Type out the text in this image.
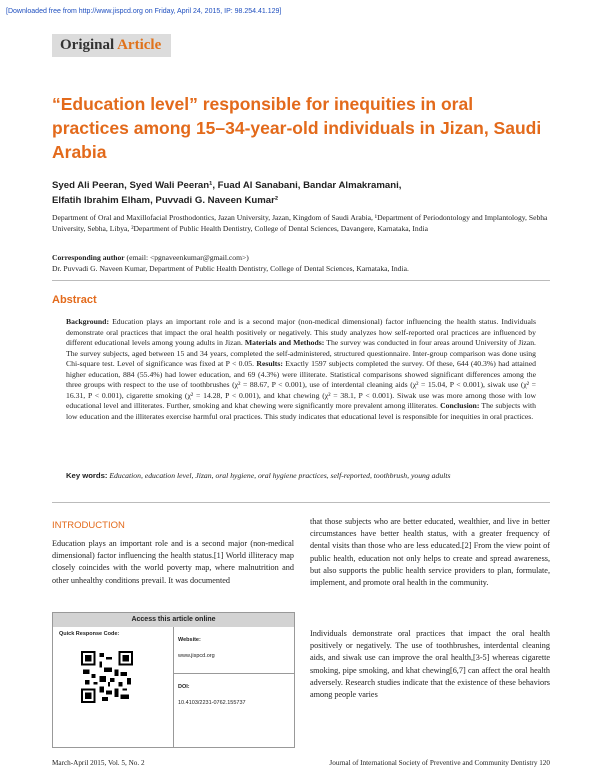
[Downloaded free from http://www.jispcd.org on Friday, April 24, 2015, IP: 98.254.41.129]
Original Article
“Education level” responsible for inequities in oral practices among 15–34-year-old individuals in Jizan, Saudi Arabia
Syed Ali Peeran, Syed Wali Peeran¹, Fuad Al Sanabani, Bandar Almakramani,
Elfatih Ibrahim Elham, Puvvadi G. Naveen Kumar²
Department of Oral and Maxillofacial Prosthodontics, Jazan University, Jazan, Kingdom of Saudi Arabia, ¹Department of Periodontology and Implantology, Sebha University, Sebha, Libya, ²Department of Public Health Dentistry, College of Dental Sciences, Davangere, Karnataka, India
Corresponding author (email: <pgnaveenkumar@gmail.com>)
Dr. Puvvadi G. Naveen Kumar, Department of Public Health Dentistry, College of Dental Sciences, Karnataka, India.
Abstract
Background: Education plays an important role and is a second major (non-medical dimensional) factor influencing the health status. Individuals demonstrate oral practices that impact the oral health positively or negatively. This study analyzes how self-reported oral practices are influenced by different educational levels among young adults in Jizan. Materials and Methods: The survey was conducted in four areas around University of Jizan. The survey subjects, aged between 15 and 34 years, completed the self-administered, structured questionnaire. Inter-group comparison was done using Chi-square test. Level of significance was fixed at P < 0.05. Results: Exactly 1597 subjects completed the survey. Of these, 644 (40.3%) had attained higher education, 884 (55.4%) had lower education, and 69 (4.3%) were illiterate. Statistical comparisons showed significant differences among the three groups with respect to the use of toothbrushes (χ² = 88.67, P < 0.001), use of interdental cleaning aids (χ² = 15.04, P < 0.001), siwak use (χ² = 16.31, P < 0.001), cigarette smoking (χ² = 14.28, P < 0.001), and khat chewing (χ² = 38.1, P < 0.001). Siwak use was more among those with low educational level and illiterates. Further, smoking and khat chewing were significantly more prevalent among illiterates. Conclusion: The subjects with low education and the illiterates exercise harmful oral practices. This study indicates that educational level is responsible for inequities in oral practices.
Key words: Education, education level, Jizan, oral hygiene, oral hygiene practices, self-reported, toothbrush, young adults
INTRODUCTION
Education plays an important role and is a second major (non-medical dimensional) factor influencing the health status.[1] World illiteracy map closely coincides with the world poverty map, where malnutrition and other unhealthy conditions prevail. It was documented
that those subjects who are better educated, wealthier, and live in better circumstances have better health status, with a greater frequency of dental visits than those who are less educated.[2] From the view point of public health, education not only helps to create and spread awareness, but also supports the public health service providers to plan, formulate, implement, and promote oral health in the community.
Individuals demonstrate oral practices that impact the oral health positively or negatively. The use of toothbrushes, interdental cleaning aids, and siwak use can improve the oral health,[3-5] whereas cigarette smoking, pipe smoking, and khat chewing[6,7] can affect the oral health adversely. Research studies indicate that the existence of these behaviors among people varies
Access this article online
Quick Response Code:
Website:
www.jispcd.org
DOI:
10.4103/2231-0762.155737
March-April 2015, Vol. 5, No. 2	Journal of International Society of Preventive and Community Dentistry 120
